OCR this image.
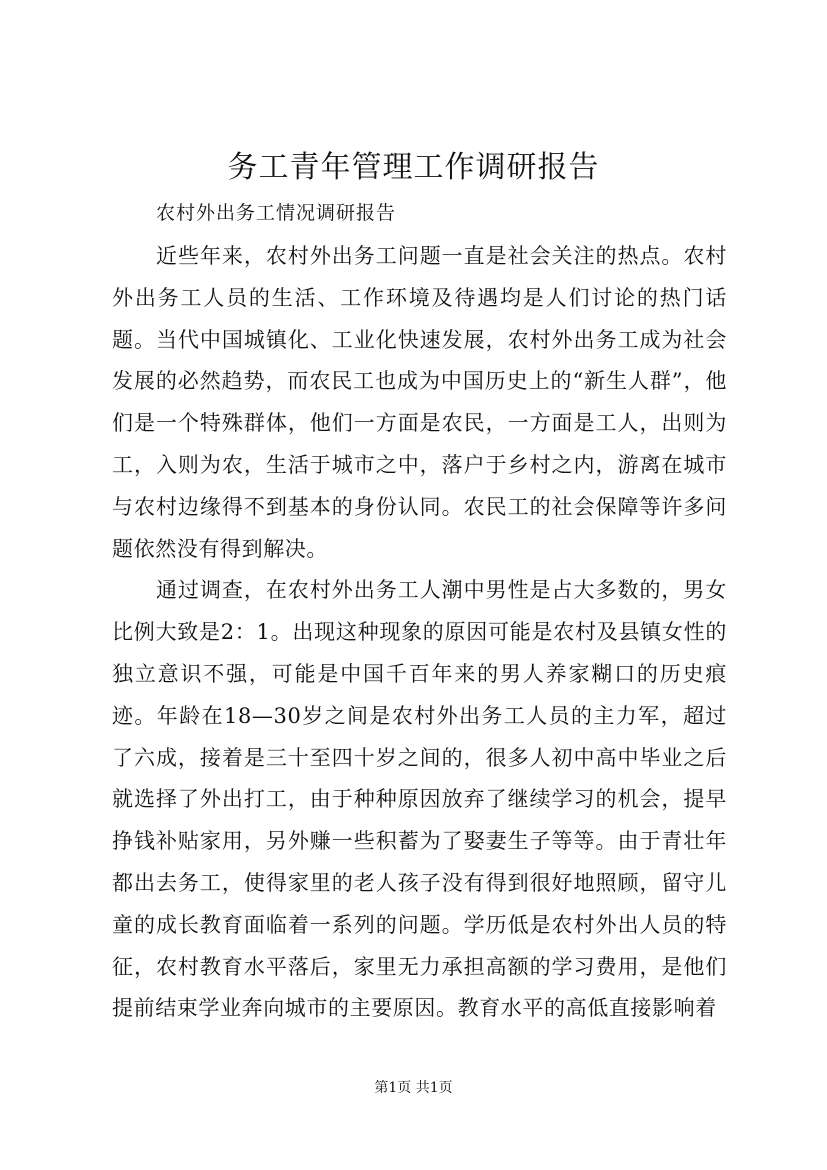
务工青年管理工作调研报告
农村外出务工情况调研报告

近些年来，农村外出务工问题一直是社会关注的热点。农村外出务工人员的生活、工作环境及待遇均是人们讨论的热门话题。当代中国城镇化、工业化快速发展，农村外出务工成为社会发展的必然趋势，而农民工也成为中国历史上的“新生人群”，他们是一个特殊群体，他们一方面是农民，一方面是工人，出则为工，入则为农，生活于城市之中，落户于乡村之内，游离在城市与农村边缘得不到基本的身份认同。农民工的社会保障等许多问题依然没有得到解决。

通过调查，在农村外出务工人潮中男性是占大多数的，男女比例大致是2：1。出现这种现象的原因可能是农村及县镇女性的独立意识不强，可能是中国千百年来的男人养家糊口的历史痕迹。年龄在18—30岁之间是农村外出务工人员的主力军，超过了六成，接着是三十至四十岁之间的，很多人初中高中毕业之后就选择了外出打工，由于种种原因放弃了继续学习的机会，提早挣钱补贴家用，另外赚一些积蓄为了娶妻生子等等。由于青壮年都出去务工，使得家里的老人孩子没有得到很好地照顾，留守儿童的成长教育面临着一系列的问题。学历低是农村外出人员的特征，农村教育水平落后，家里无力承担高额的学习费用，是他们提前结束学业奔向城市的主要原因。教育水平的高低直接影响着

第1页 共1页
